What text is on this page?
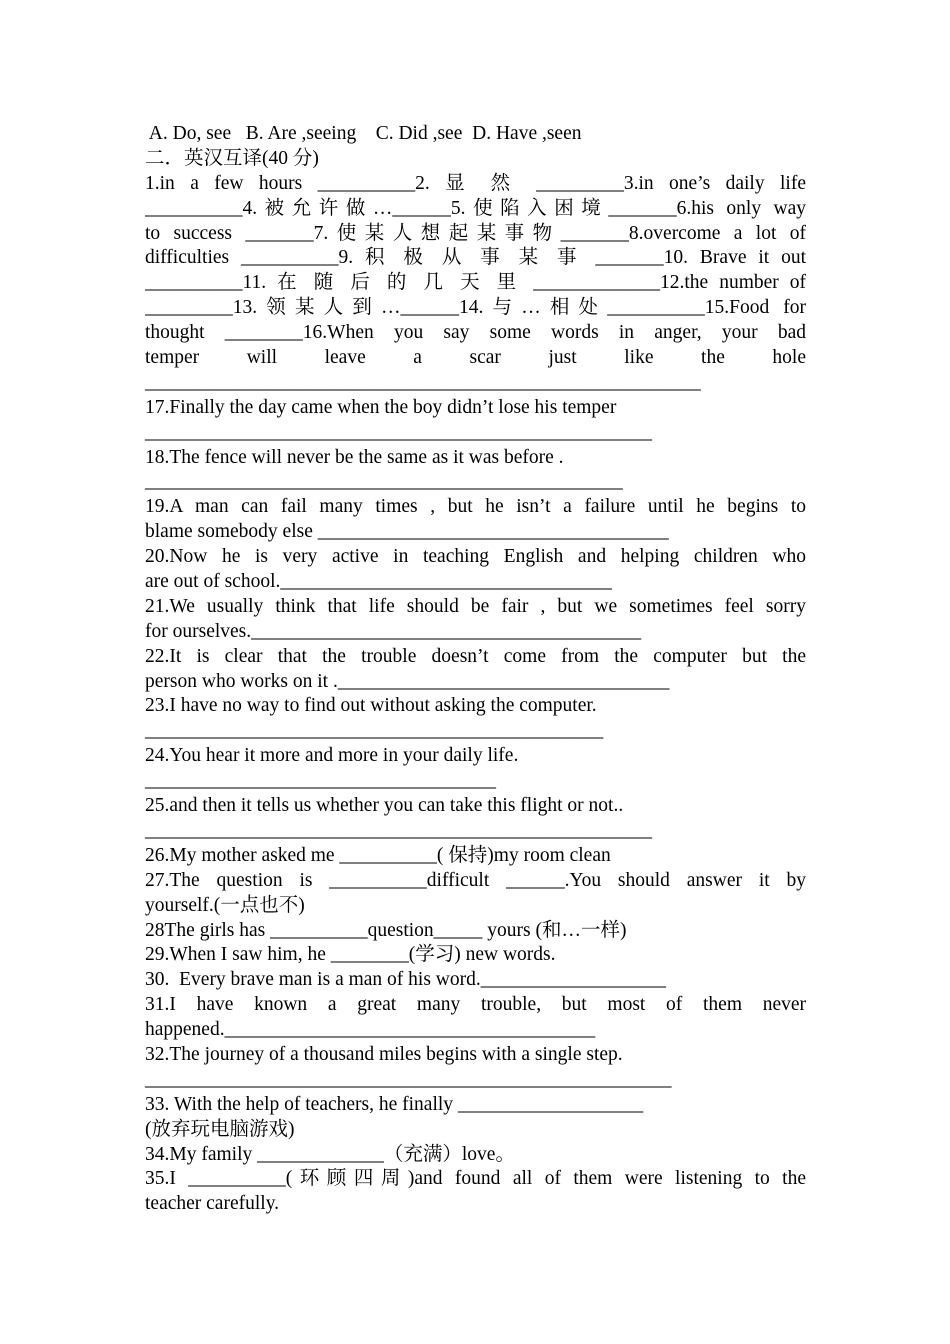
A. Do, see   B. Are ,seeing    C. Did ,see  D. Have ,seen
二．英汉互译(40 分)
1.in a few hours __________2. 显 然 _________3.in one’s daily life
__________4.被允许做…______5.使陷入困境_______6.his only way
to success _______7.使某人想起某事物_______8.overcome a lot of
difficulties __________9. 积 极 从 事 某 事 _______10. Brave it out
__________11. 在 随 后 的 几 天 里 _____________12.the number of
_________13.领某人到…______14.与…相处__________15.Food for
thought ________16.When you say some words in anger, your bad
temper will leave a scar just like the hole
_________________________________________________________
17.Finally the day came when the boy didn’t lose his temper
____________________________________________________
18.The fence will never be the same as it was before .
_________________________________________________
19.A man can fail many times , but he isn’t a failure until he begins to
blame somebody else ____________________________________
20.Now he is very active in teaching English and helping children who
are out of school.__________________________________
21.We usually think that life should be fair , but we sometimes feel sorry
for ourselves.________________________________________
22.It is clear that the trouble doesn’t come from the computer but the
person who works on it .__________________________________
23.I have no way to find out without asking the computer.
_______________________________________________
24.You hear it more and more in your daily life.
____________________________________
25.and then it tells us whether you can take this flight or not..
____________________________________________________
26.My mother asked me __________( 保持)my room clean
27.The question is __________difficult ______.You should answer it by
yourself.(一点也不)
28The girls has __________question_____ yours (和…一样)
29.When I saw him, he ________(学习) new words.
30.  Every brave man is a man of his word.___________________
31.I have known a great many trouble, but most of them never
happened.______________________________________
32.The journey of a thousand miles begins with a single step.
______________________________________________________
33. With the help of teachers, he finally ___________________
(放弃玩电脑游戏)
34.My family _____________（充满）love。
35.I __________(环顾四周)and found all of them were listening to the
teacher carefully.
